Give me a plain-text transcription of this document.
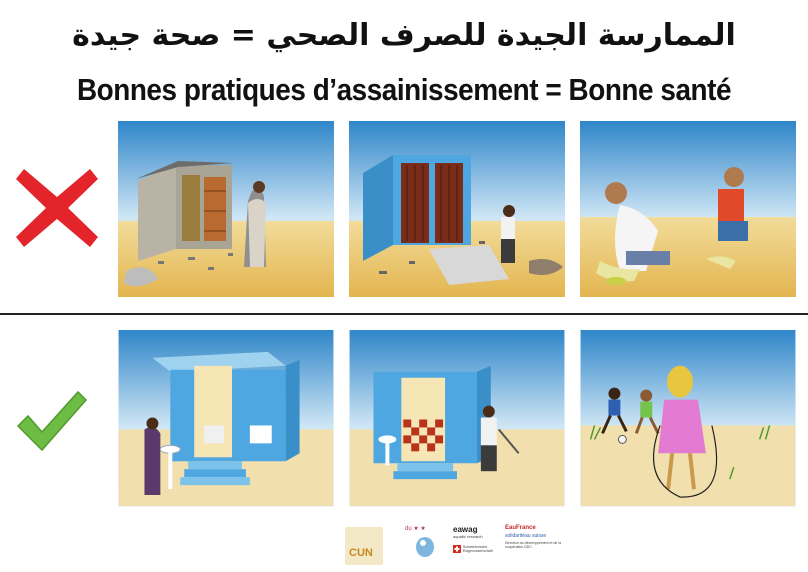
الممارسة الجيدة للصرف الصحي = صحة جيدة
Bonnes pratiques d’assainissement = Bonne santé
CUN
du ★ ★	eawag
aquatic research
Schweizerische Eidgenossenschaft
EauFrance
solidaritéau suisse
Direction du développement et de la coopération DDC
